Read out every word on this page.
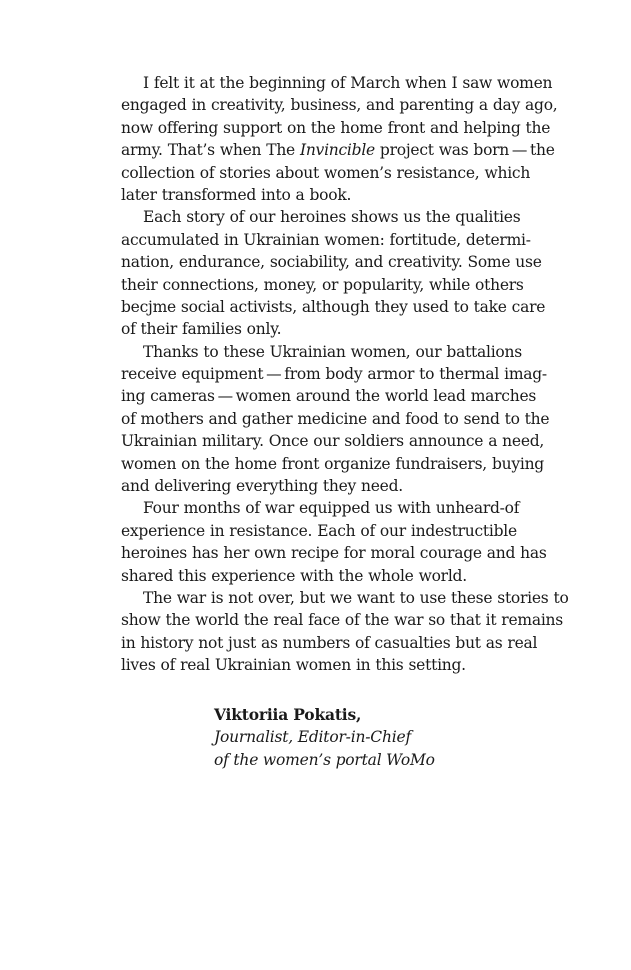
I felt it at the beginning of March when I saw women
engaged in creativity, business, and parenting a day ago,
now offering support on the home front and helping the
army. That’s when The Invincible project was born — the
collection of stories about women’s resistance, which
later transformed into a book.
Each story of our heroines shows us the qualities
accumulated in Ukrainian women: fortitude, determi-
nation, endurance, sociability, and creativity. Some use
their connections, money, or popularity, while others
becjme social activists, although they used to take care
of their families only.
Thanks to these Ukrainian women, our battalions
receive equipment — from body armor to thermal imag-
ing cameras — women around the world lead marches
of mothers and gather medicine and food to send to the
Ukrainian military. Once our soldiers announce a need,
women on the home front organize fundraisers, buying
and delivering everything they need.
Four months of war equipped us with unheard-of
experience in resistance. Each of our indestructible
heroines has her own recipe for moral courage and has
shared this experience with the whole world.
The war is not over, but we want to use these stories to
show the world the real face of the war so that it remains
in history not just as numbers of casualties but as real
lives of real Ukrainian women in this setting.
Viktoriia Pokatis,
Journalist, Editor-in-Chief
of the women’s portal WoMo
